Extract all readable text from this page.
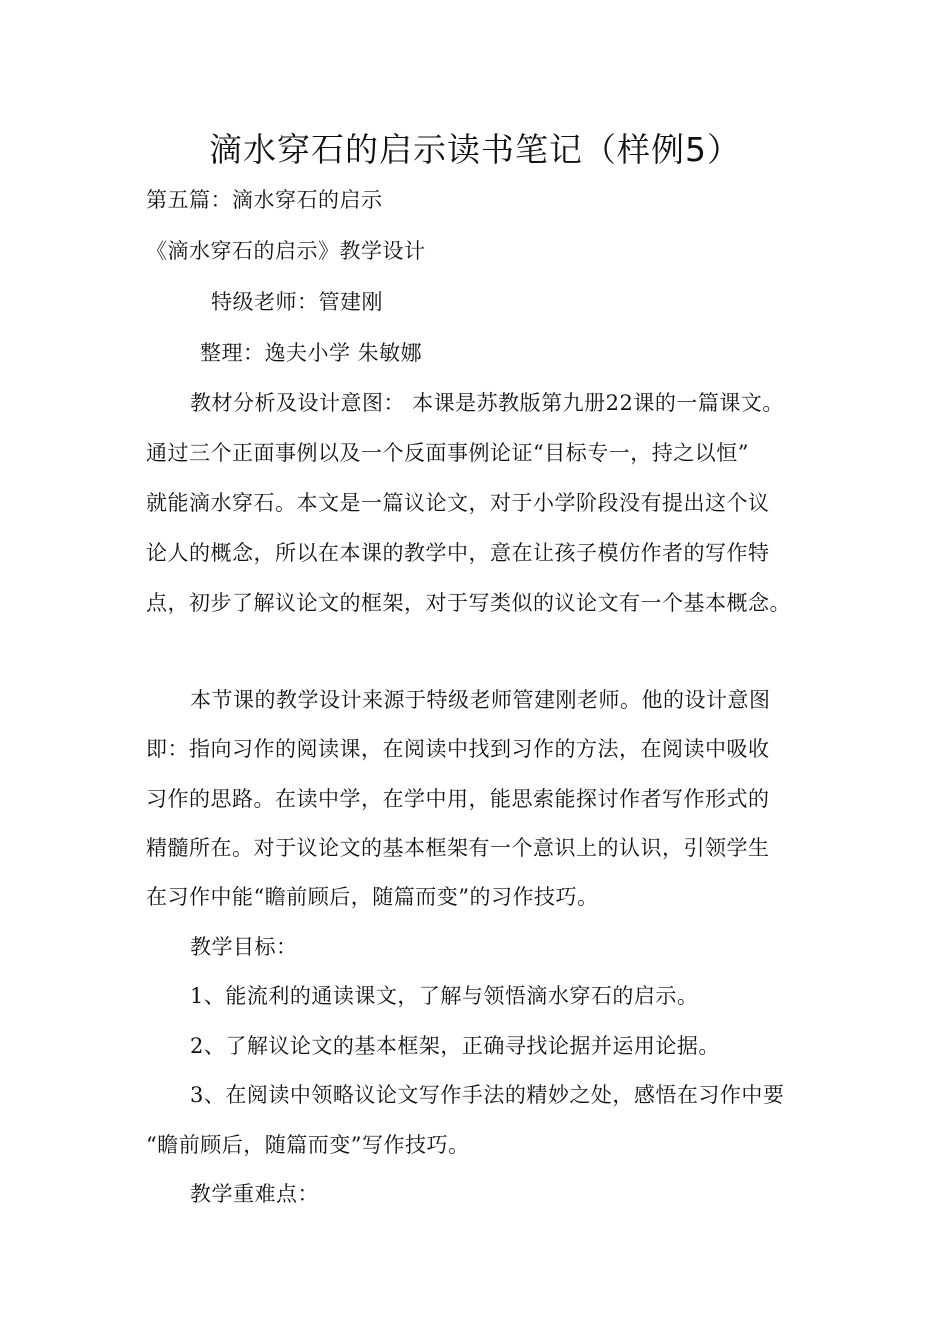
滴水穿石的启示读书笔记（样例5）
第五篇：滴水穿石的启示
《滴水穿石的启示》教学设计
特级老师：管建刚
整理：逸夫小学 朱敏娜
教材分析及设计意图： 本课是苏教版第九册22课的一篇课文。
通过三个正面事例以及一个反面事例论证“目标专一，持之以恒”
就能滴水穿石。本文是一篇议论文，对于小学阶段没有提出这个议
论人的概念，所以在本课的教学中，意在让孩子模仿作者的写作特
点，初步了解议论文的框架，对于写类似的议论文有一个基本概念。
本节课的教学设计来源于特级老师管建刚老师。他的设计意图
即：指向习作的阅读课，在阅读中找到习作的方法，在阅读中吸收
习作的思路。在读中学，在学中用，能思索能探讨作者写作形式的
精髓所在。对于议论文的基本框架有一个意识上的认识，引领学生
在习作中能“瞻前顾后，随篇而变”的习作技巧。
教学目标：
1、能流利的通读课文，了解与领悟滴水穿石的启示。
2、了解议论文的基本框架，正确寻找论据并运用论据。
3、在阅读中领略议论文写作手法的精妙之处，感悟在习作中要
“瞻前顾后，随篇而变”写作技巧。
教学重难点：
